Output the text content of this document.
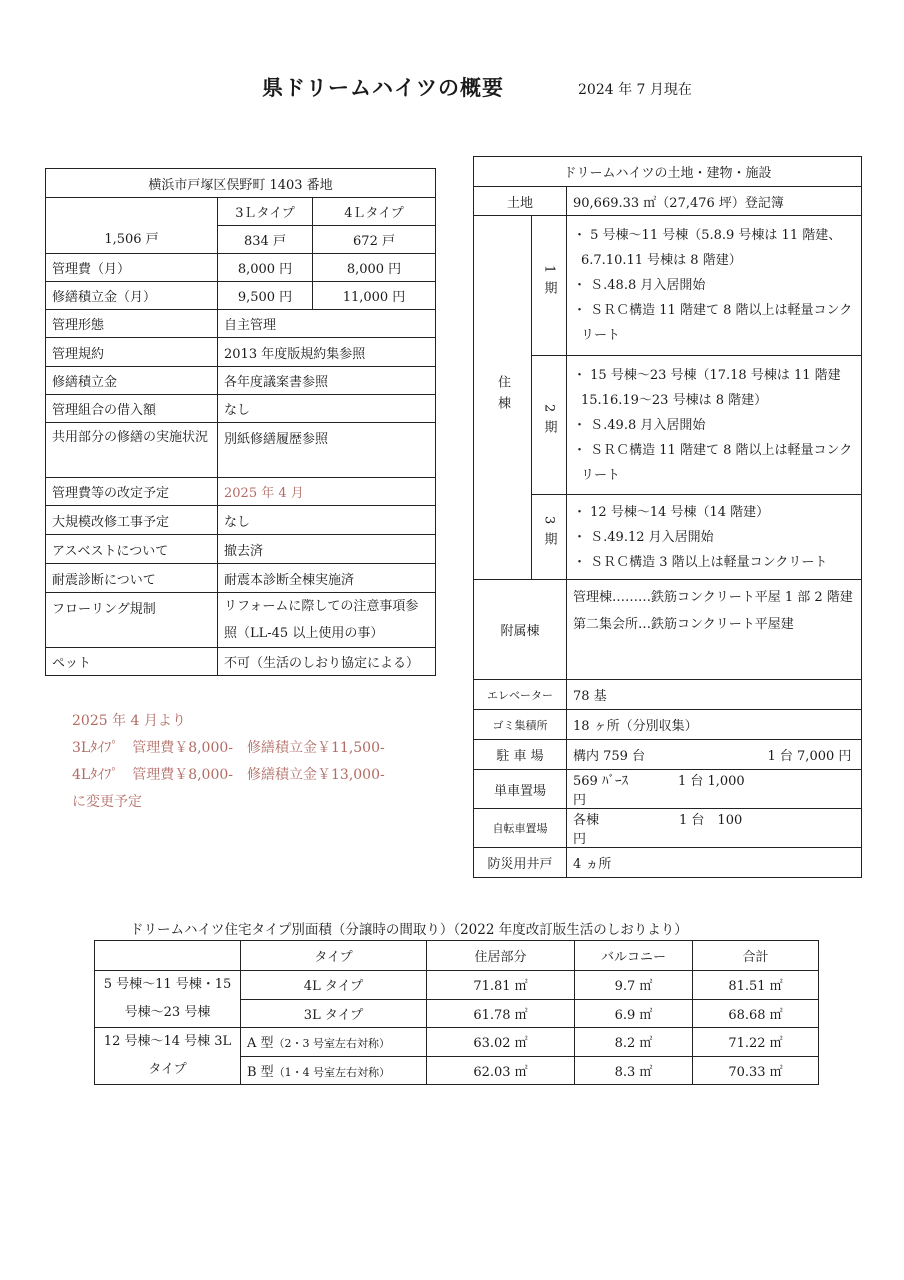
県ドリームハイツの概要	2024 年 7 月現在
横浜市戸塚区俣野町 1403 番地		
1,506 戸	3Ｌタイプ	4Ｌタイプ
	834 戸	672 戸
管理費（月）	8,000 円	8,000 円
修繕積立金（月）	9,500 円	11,000 円
管理形態	自主管理	
管理規約	2013 年度版規約集参照	
修繕積立金	各年度議案書参照	
管理組合の借入額	なし	
共用部分の修繕の実施状況	別紙修繕履歴参照	
管理費等の改定予定	2025 年 4 月	
大規模改修工事予定	なし	
アスベストについて	撤去済	
耐震診断について	耐震本診断全棟実施済	
フローリング規制	リフォームに際しての注意事項参照（LL-45 以上使用の事）	
ペット	不可（生活のしおり協定による）	
2025 年 4 月より
3Lﾀｲﾌﾟ　管理費￥8,000-　修繕積立金￥11,500-
4Lﾀｲﾌﾟ　管理費￥8,000-　修繕積立金￥13,000-
に変更予定
ドリームハイツの土地・建物・施設			
土地		90,669.33 ㎡（27,476 坪）登記簿	
住棟	1期	・ 5 号棟～11 号棟（5.8.9 号棟は 11 階建、6.7.10.11 号棟は 8 階建）
・ Ｓ.48.8 月入居開始
・ ＳＲＣ構造 11 階建て 8 階以上は軽量コンクリート	

	2期	・ 15 号棟～23 号棟（17.18 号棟は 11 階建 15.16.19～23 号棟は 8 階建）
・ Ｓ.49.8 月入居開始
・ ＳＲＣ構造 11 階建て 8 階以上は軽量コンクリート	

	3期	・ 12 号棟～14 号棟（14 階建）
・ Ｓ.49.12 月入居開始
・ ＳＲＣ構造 3 階以上は軽量コンクリート	

附属棟		管理棟………鉄筋コンクリート平屋 1 部 2 階建
第二集会所…鉄筋コンクリート平屋建	

エレベーター		78 基	
ゴミ集積所		18 ヶ所（分別収集）	
駐 車 場		構内 759 台	1 台 7,000 円
単車置場		569 ﾊﾞｰｽ 1 台 1,000 円	
自転車置場		各棟 1 台　100 円	
防災用井戸		4 ヵ所	
ドリームハイツ住宅タイプ別面積（分譲時の間取り）（2022 年度改訂版生活のしおりより）
	タイプ	住居部分	バルコニー	合計
5 号棟～11 号棟・15 号棟～23 号棟	4L タイプ	71.81 ㎡	9.7 ㎡	81.51 ㎡
	3L タイプ	61.78 ㎡	6.9 ㎡	68.68 ㎡
12 号棟～14 号棟 3L タイプ	A 型（2・3 号室左右対称）	63.02 ㎡	8.2 ㎡	71.22 ㎡
	B 型（1・4 号室左右対称）	62.03 ㎡	8.3 ㎡	70.33 ㎡
